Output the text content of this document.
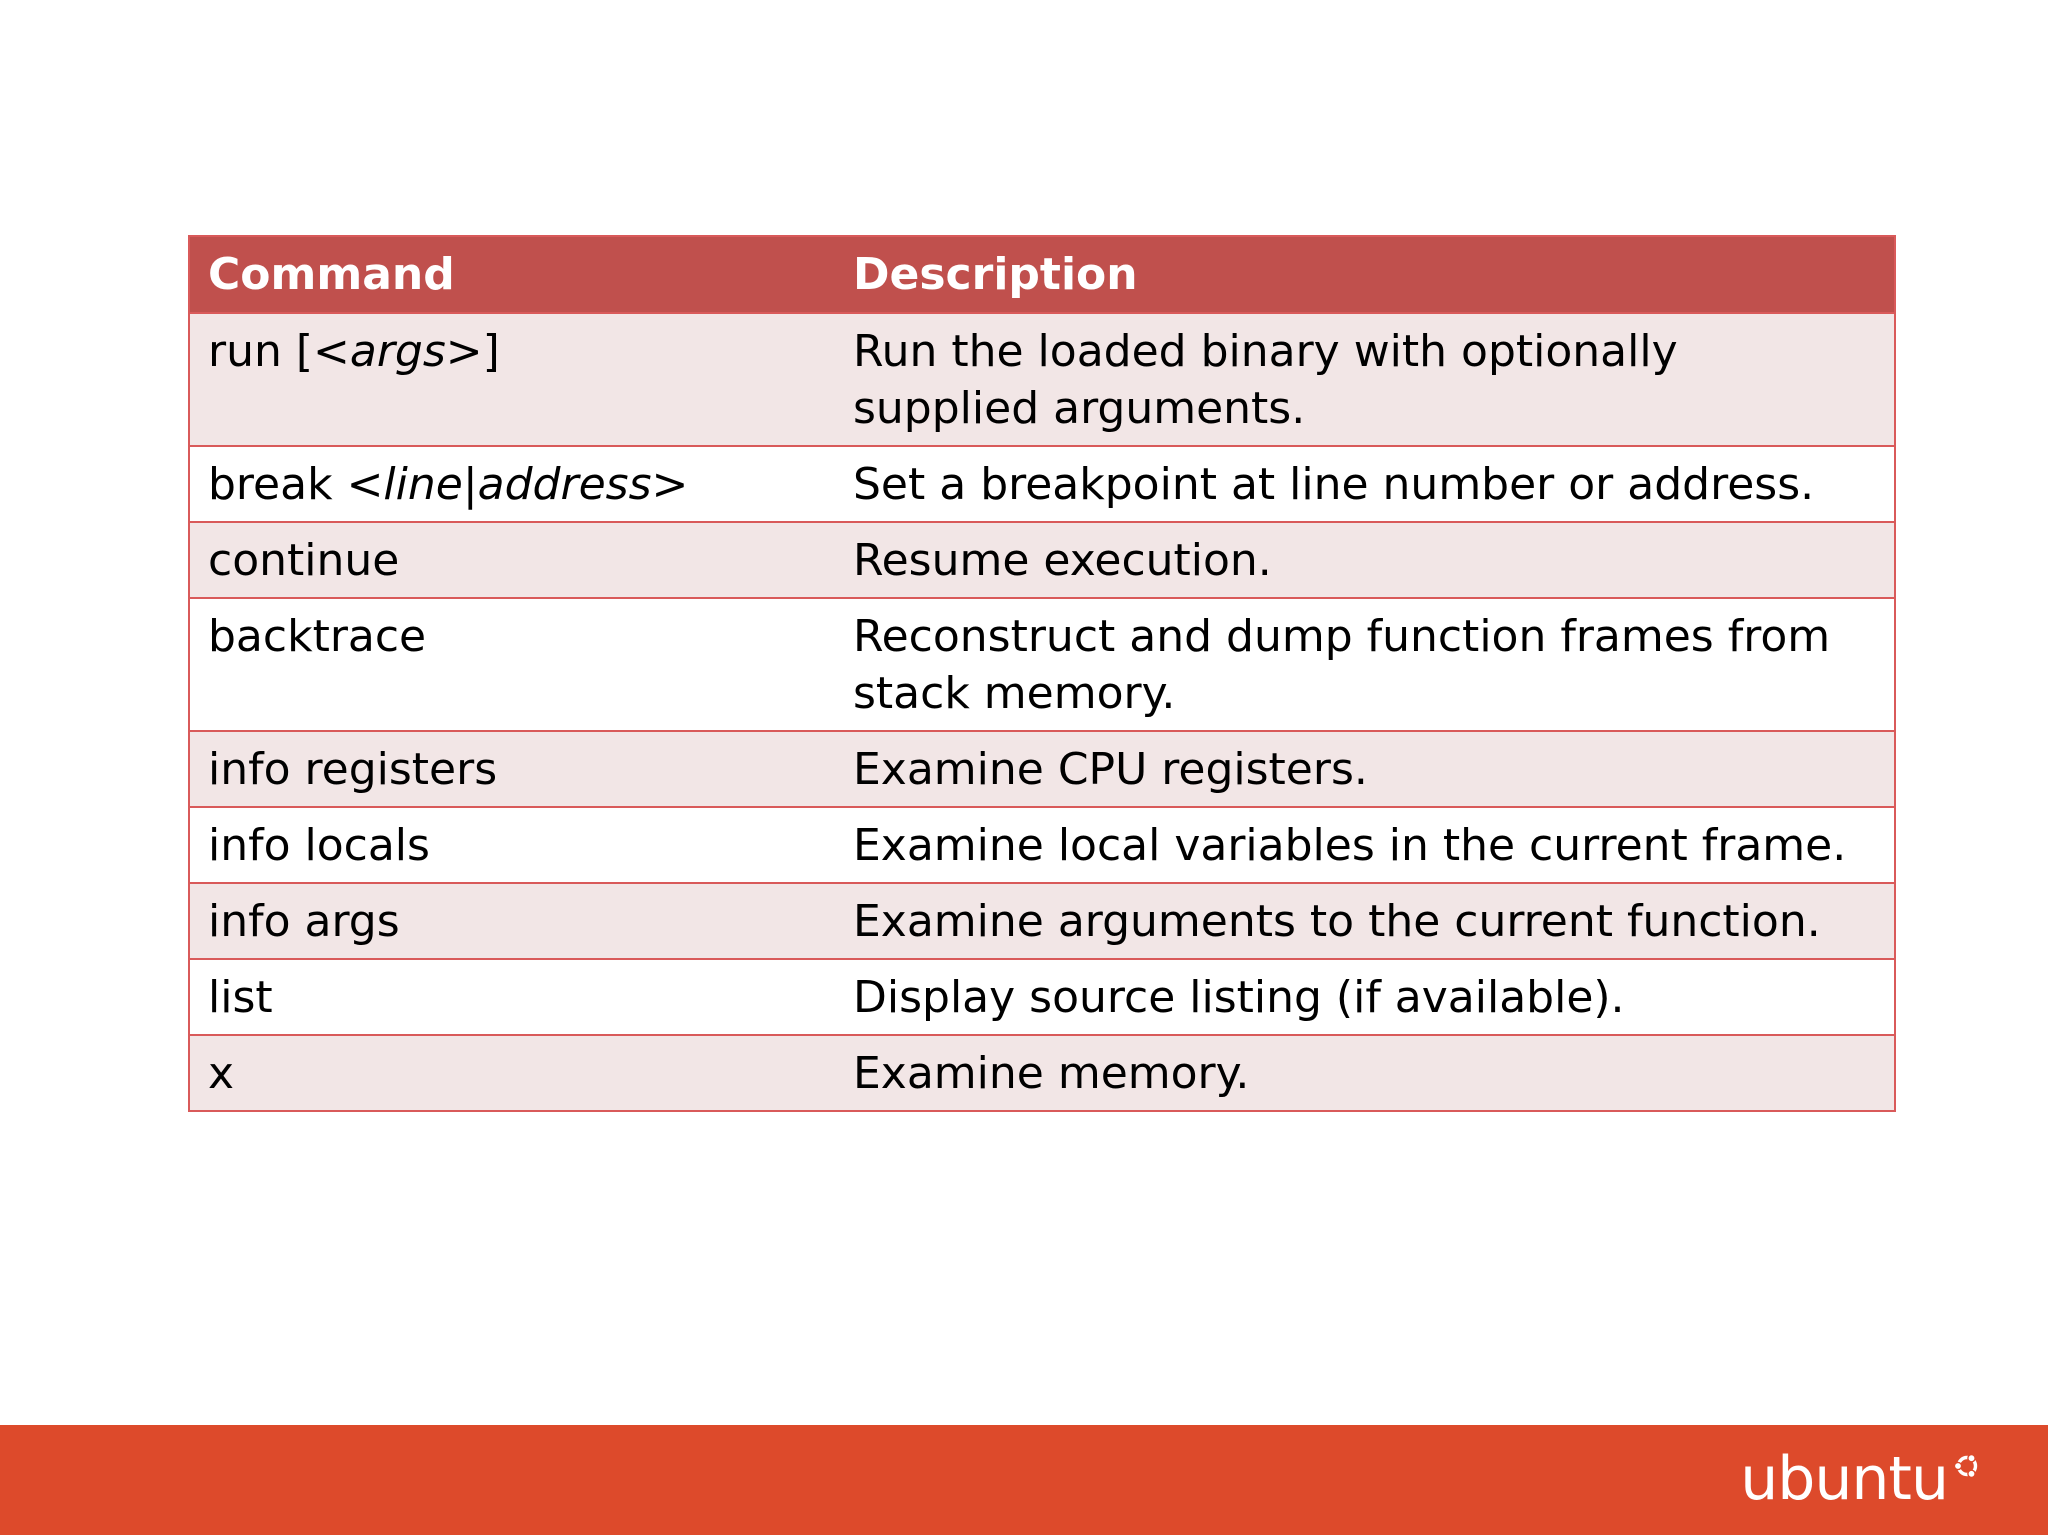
Command	Description
run [<args>]	Run the loaded binary with optionally supplied arguments.
break <line|address>	Set a breakpoint at line number or address.
continue	Resume execution.
backtrace	Reconstruct and dump function frames from stack memory.
info registers	Examine CPU registers.
info locals	Examine local variables in the current frame.
info args	Examine arguments to the current function.
list	Display source listing (if available).
x	Examine memory.
ubuntu
